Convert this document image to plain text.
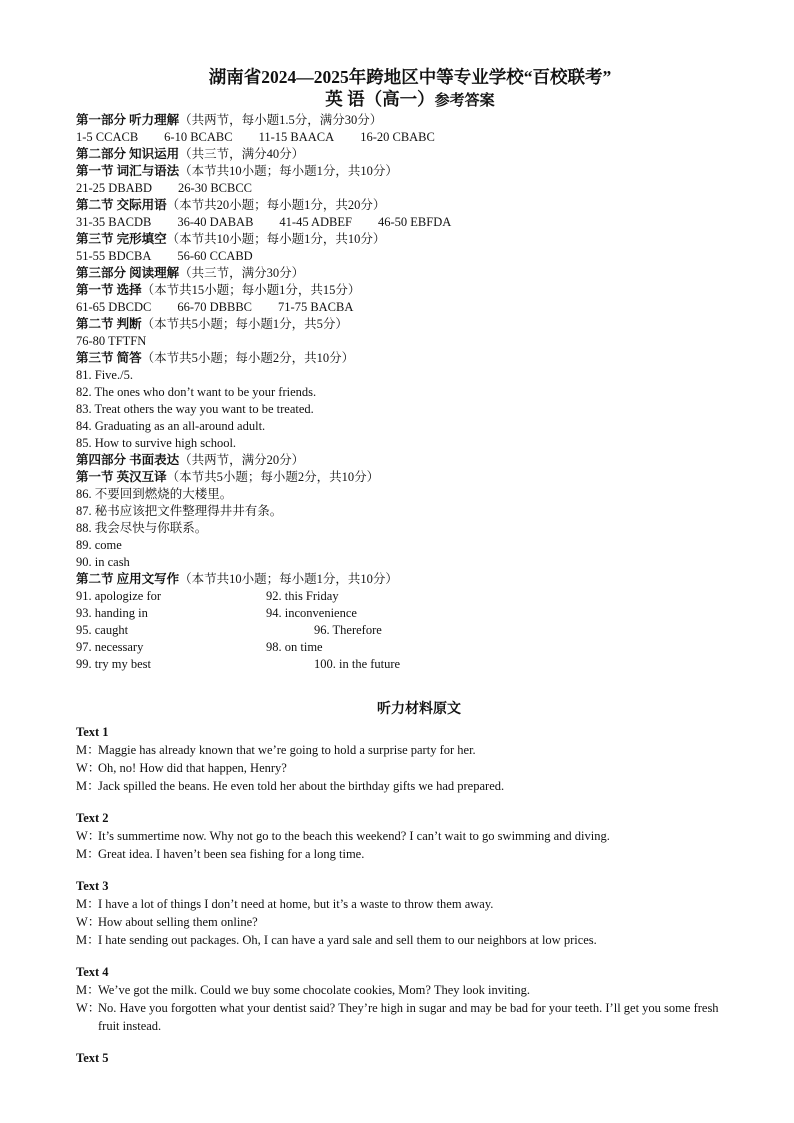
湖南省2024—2025年跨地区中等专业学校“百校联考”
英 语（高一）参考答案
第一部分 听力理解（共两节，每小题1.5分，满分30分）
1-5 CCACB 6-10 BCABC 11-15 BAACA 16-20 CBABC
第二部分 知识运用（共三节，满分40分）
第一节 词汇与语法（本节共10小题；每小题1分，共10分）
21-25 DBABD 26-30 BCBCC
第二节 交际用语（本节共20小题；每小题1分，共20分）
31-35 BACDB 36-40 DABAB 41-45 ADBEF 46-50 EBFDA
第三节 完形填空（本节共10小题；每小题1分，共10分）
51-55 BDCBA 56-60 CCABD
第三部分 阅读理解（共三节，满分30分）
第一节 选择（本节共15小题；每小题1分，共15分）
61-65 DBCDC 66-70 DBBBC 71-75 BACBA
第二节 判断（本节共5小题；每小题1分，共5分）
76-80 TFTFN
第三节 简答（本节共5小题；每小题2分，共10分）
81. Five./5.
82. The ones who don’t want to be your friends.
83. Treat others the way you want to be treated.
84. Graduating as an all-around adult.
85. How to survive high school.
第四部分 书面表达（共两节，满分20分）
第一节 英汉互译（本节共5小题；每小题2分，共10分）
86. 不要回到燃烧的大楼里。
87. 秘书应该把文件整理得井井有条。
88. 我会尽快与你联系。
89. come
90. in cash
第二节 应用文写作（本节共10小题；每小题1分，共10分）
91. apologize for	92. this Friday
93. handing in	94. inconvenience
95. caught	96. Therefore
97. necessary	98. on time
99. try my best	100. in the future
听力材料原文
Text 1
M：
Maggie has already known that we’re going to hold a surprise party for her.
W：
Oh, no! How did that happen, Henry?
M：
Jack spilled the beans. He even told her about the birthday gifts we had prepared.
Text 2
W：
It’s summertime now. Why not go to the beach this weekend? I can’t wait to go swimming and diving.
M：
Great idea. I haven’t been sea fishing for a long time.
Text 3
M：
I have a lot of things I don’t need at home, but it’s a waste to throw them away.
W：
How about selling them online?
M：
I hate sending out packages. Oh, I can have a yard sale and sell them to our neighbors at low prices.
Text 4
M：
We’ve got the milk. Could we buy some chocolate cookies, Mom? They look inviting.
W：
No. Have you forgotten what your dentist said? They’re high in sugar and may be bad for your teeth. I’ll get you some fresh fruit instead.
Text 5
